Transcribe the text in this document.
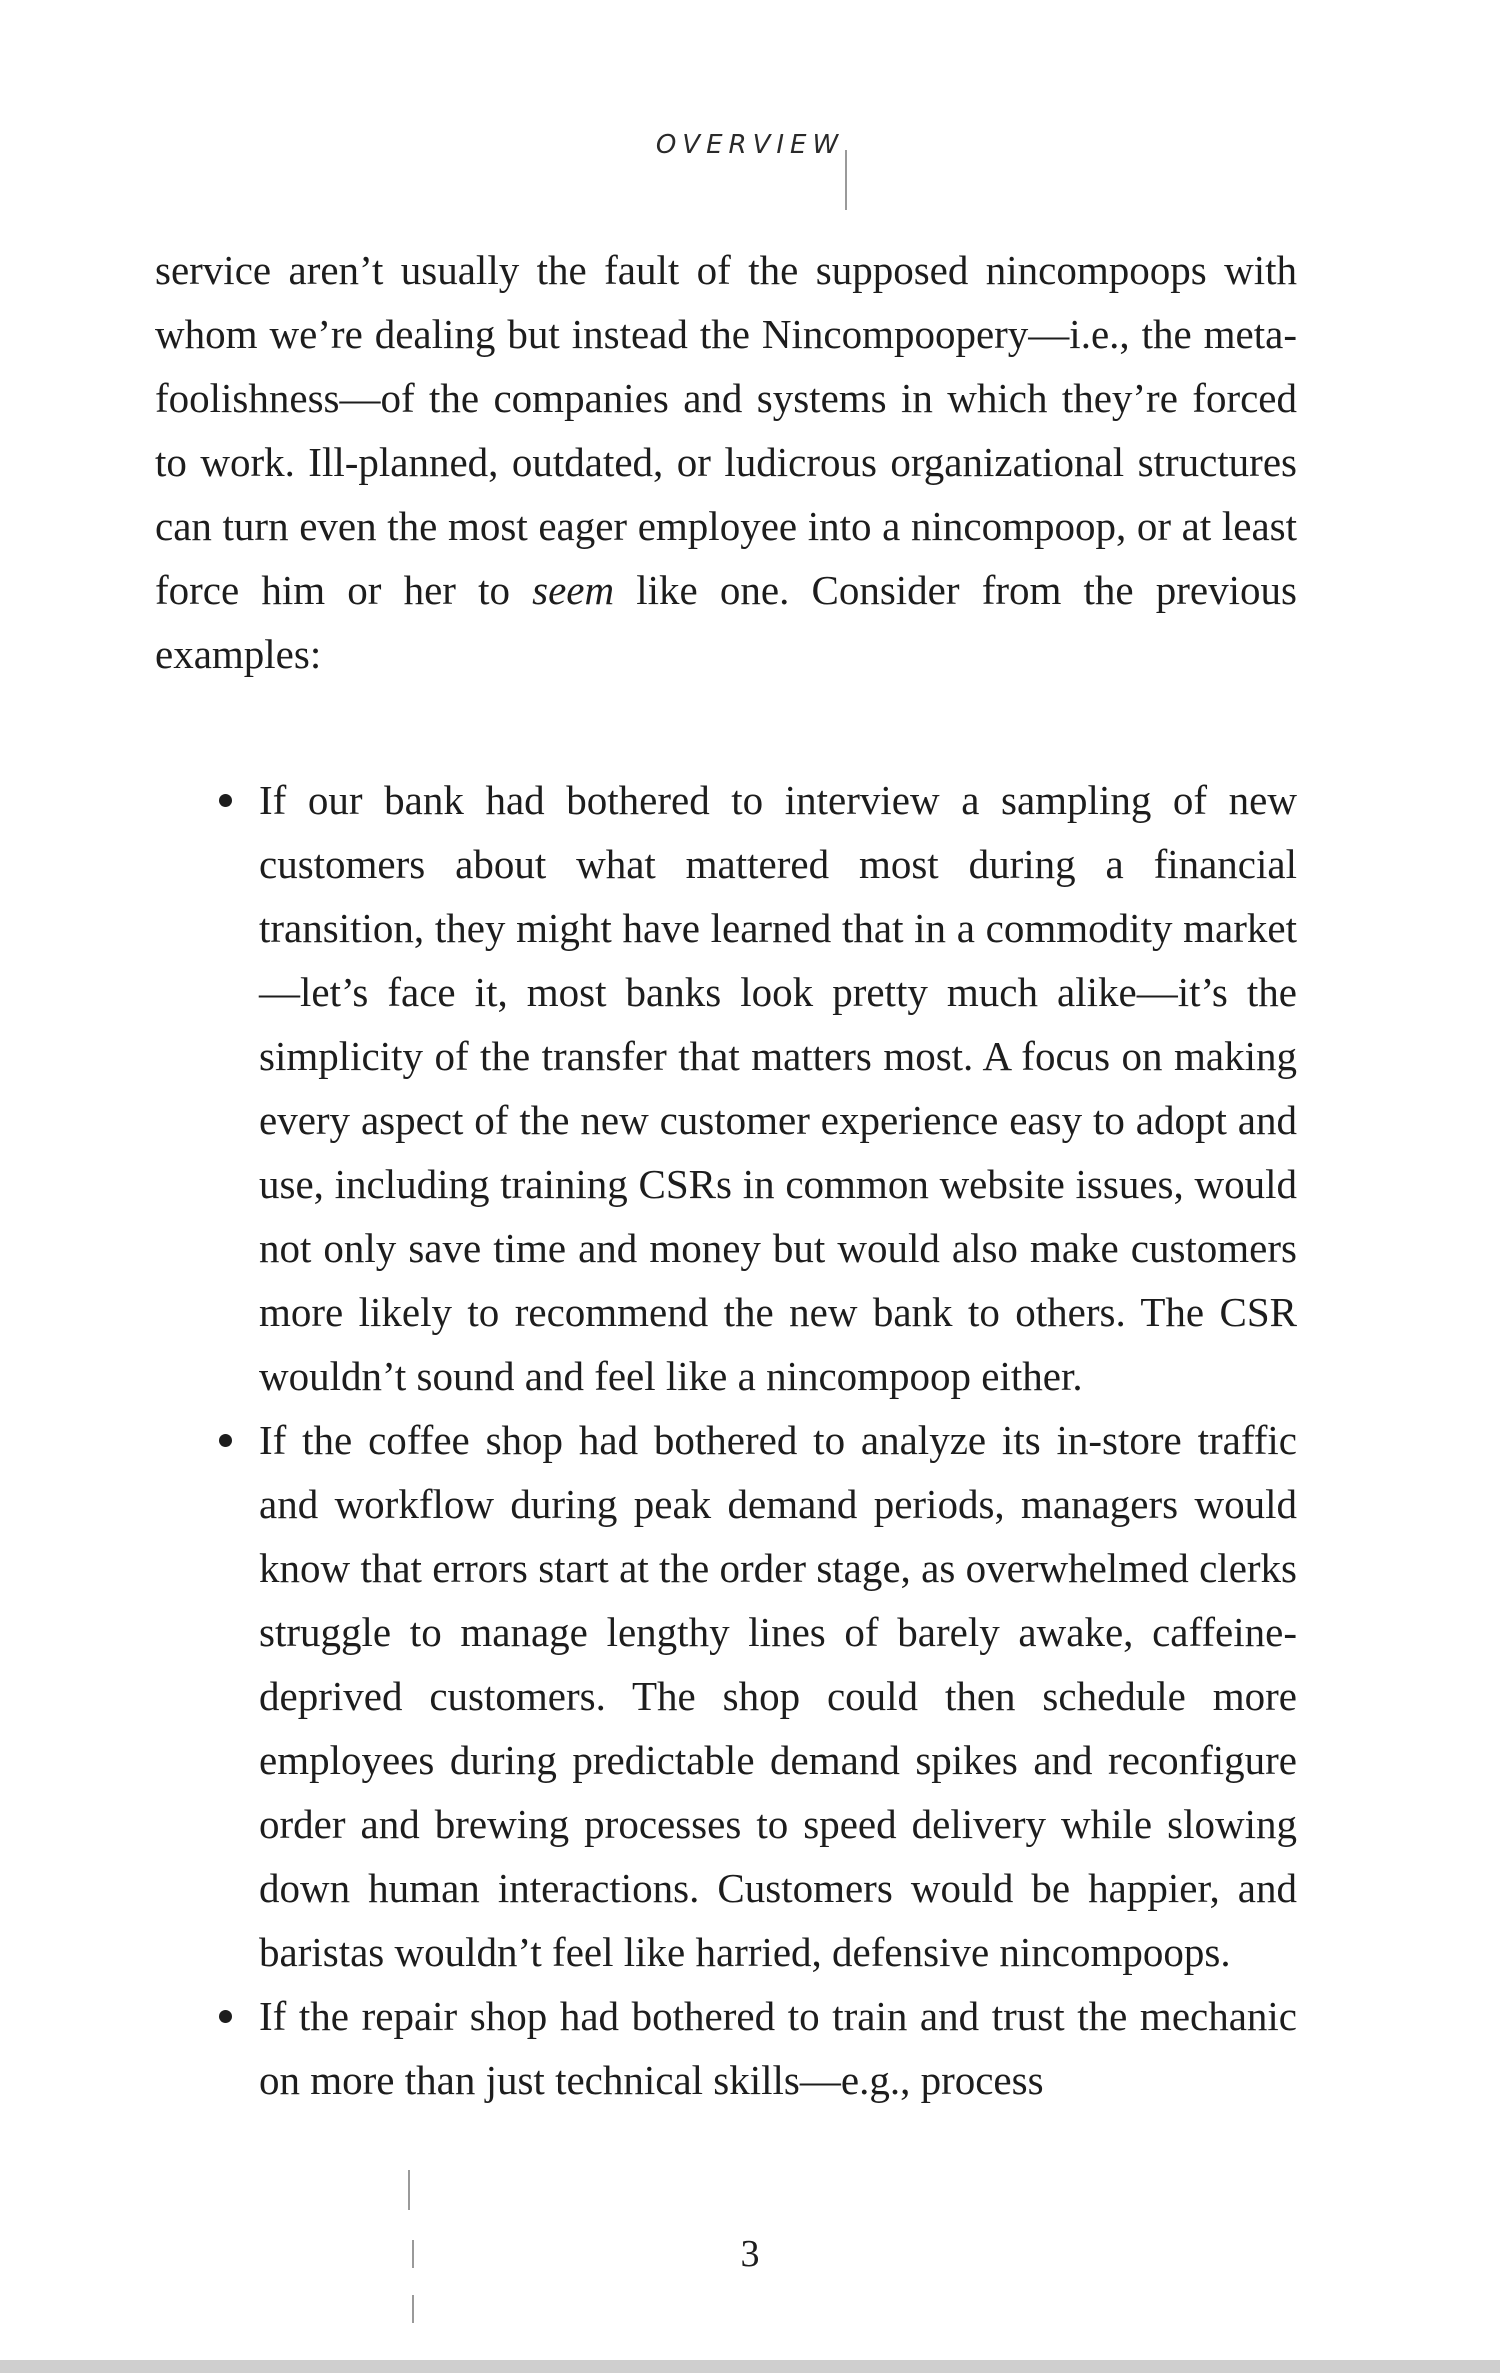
OVERVIEW

service aren’t usually the fault of the supposed nincompoops with whom we’re dealing but instead the Nincompoopery—i.e., the meta-foolishness—of the companies and systems in which they’re forced to work. Ill-planned, outdated, or ludicrous organizational structures can turn even the most eager employee into a nincompoop, or at least force him or her to seem like one. Consider from the previous examples:

If our bank had bothered to interview a sampling of new customers about what mattered most during a financial transition, they might have learned that in a commodity market—let’s face it, most banks look pretty much alike—it’s the simplicity of the transfer that matters most. A focus on making every aspect of the new customer experience easy to adopt and use, including training CSRs in common website issues, would not only save time and money but would also make customers more likely to recommend the new bank to others. The CSR wouldn’t sound and feel like a nincompoop either.
If the coffee shop had bothered to analyze its in-store traffic and workflow during peak demand periods, managers would know that errors start at the order stage, as overwhelmed clerks struggle to manage lengthy lines of barely awake, caffeine-deprived customers. The shop could then schedule more employees during predictable demand spikes and reconfigure order and brewing processes to speed delivery while slowing down human interactions. Customers would be happier, and baristas wouldn’t feel like harried, defensive nincompoops.
If the repair shop had bothered to train and trust the mechanic on more than just technical skills—e.g., process
3
